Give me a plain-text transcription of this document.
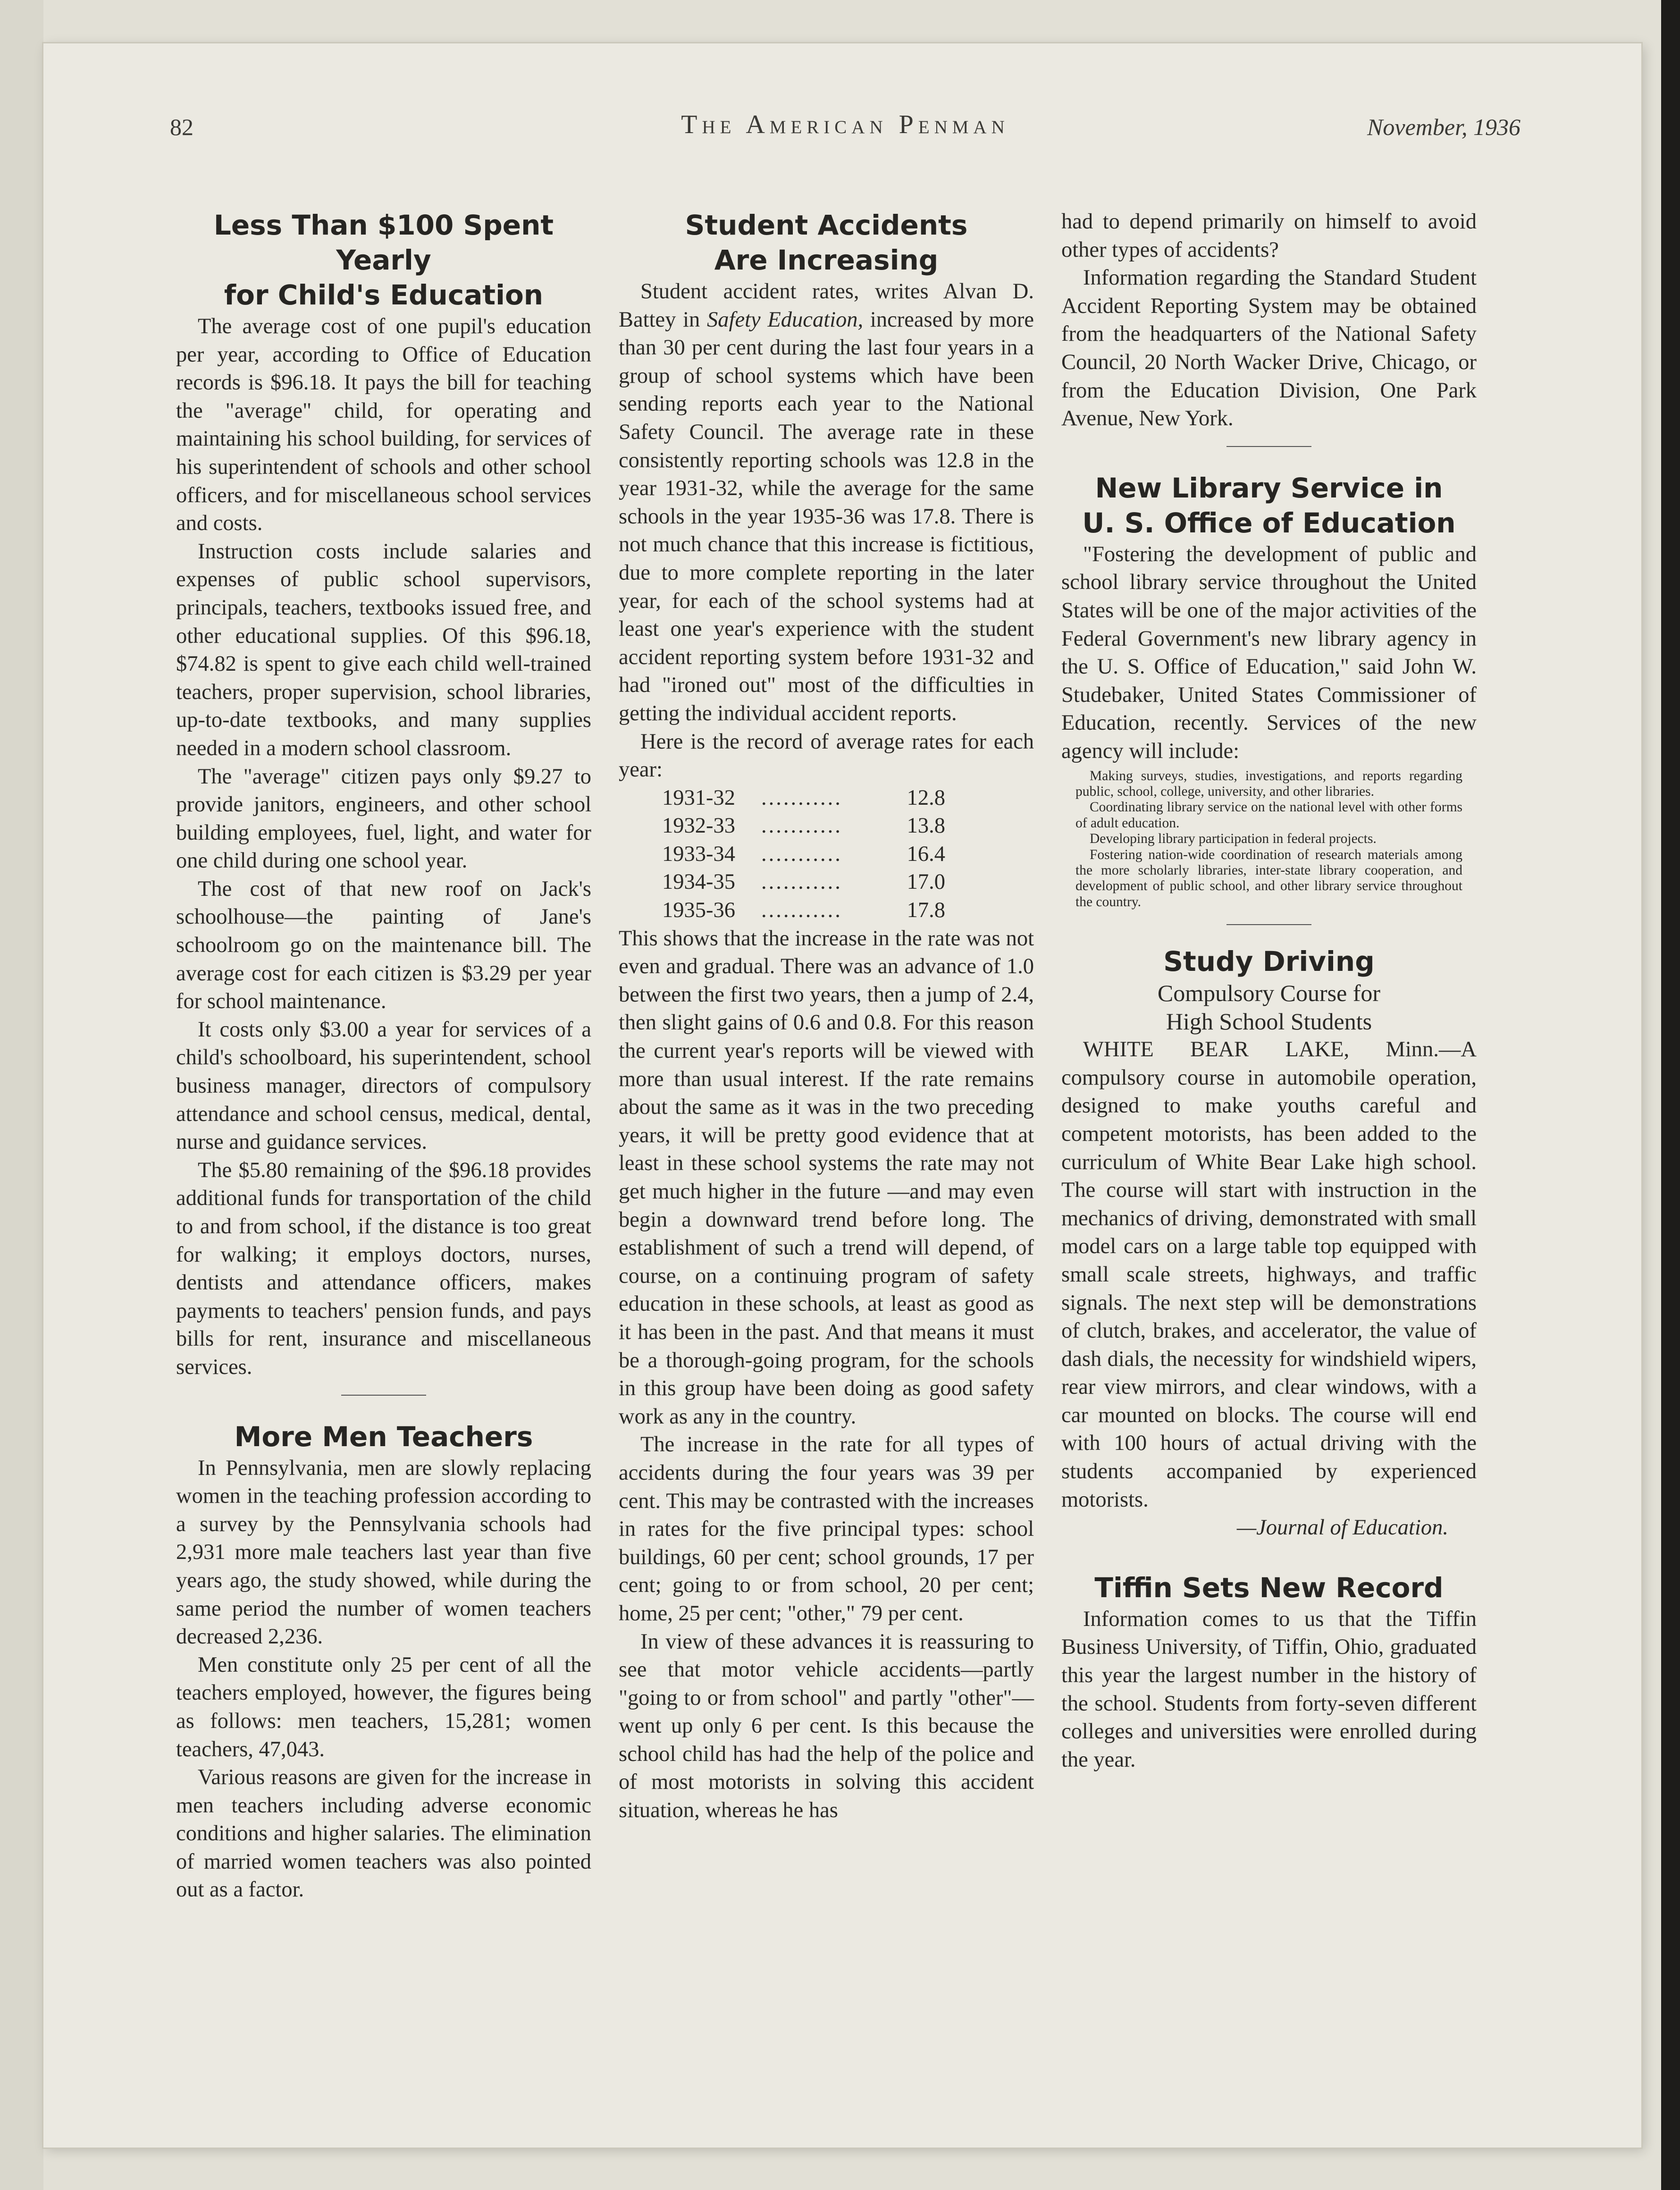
82	The American Penman	November, 1936
Less Than $100 Spent Yearly
for Child's Education

The average cost of one pupil's education per year, according to Office of Education records is $96.18. It pays the bill for teaching the "average" child, for operating and maintaining his school building, for services of his superintendent of schools and other school officers, and for miscellaneous school services and costs.

Instruction costs include salaries and expenses of public school supervisors, principals, teachers, textbooks issued free, and other educational supplies. Of this $96.18, $74.82 is spent to give each child well-trained teachers, proper supervision, school libraries, up-to-date textbooks, and many supplies needed in a modern school classroom.

The "average" citizen pays only $9.27 to provide janitors, engineers, and other school building employees, fuel, light, and water for one child during one school year.

The cost of that new roof on Jack's schoolhouse—the painting of Jane's schoolroom go on the maintenance bill. The average cost for each citizen is $3.29 per year for school maintenance.

It costs only $3.00 a year for services of a child's schoolboard, his superintendent, school business manager, directors of compulsory attendance and school census, medical, dental, nurse and guidance services.

The $5.80 remaining of the $96.18 provides additional funds for transportation of the child to and from school, if the distance is too great for walking; it employs doctors, nurses, dentists and attendance officers, makes payments to teachers' pension funds, and pays bills for rent, insurance and miscellaneous services.

More Men Teachers

In Pennsylvania, men are slowly replacing women in the teaching profession according to a survey by the Pennsylvania schools had 2,931 more male teachers last year than five years ago, the study showed, while during the same period the number of women teachers decreased 2,236.

Men constitute only 25 per cent of all the teachers employed, however, the figures being as follows: men teachers, 15,281; women teachers, 47,043.

Various reasons are given for the increase in men teachers including adverse economic conditions and higher salaries. The elimination of married women teachers was also pointed out as a factor.

Student Accidents
Are Increasing

Student accident rates, writes Alvan D. Battey in Safety Education, increased by more than 30 per cent during the last four years in a group of school systems which have been sending reports each year to the National Safety Council. The average rate in these consistently reporting schools was 12.8 in the year 1931-32, while the average for the same schools in the year 1935-36 was 17.8. There is not much chance that this increase is fictitious, due to more complete reporting in the later year, for each of the school systems had at least one year's experience with the student accident reporting system before 1931-32 and had "ironed out" most of the difficulties in getting the individual accident reports.

Here is the record of average rates for each year:

1931-32	...........	12.8
1932-33	...........	13.8
1933-34	...........	16.4
1934-35	...........	17.0
1935-36	...........	17.8

This shows that the increase in the rate was not even and gradual. There was an advance of 1.0 between the first two years, then a jump of 2.4, then slight gains of 0.6 and 0.8. For this reason the current year's reports will be viewed with more than usual interest. If the rate remains about the same as it was in the two preceding years, it will be pretty good evidence that at least in these school systems the rate may not get much higher in the future —and may even begin a downward trend before long. The establishment of such a trend will depend, of course, on a continuing program of safety education in these schools, at least as good as it has been in the past. And that means it must be a thorough-going program, for the schools in this group have been doing as good safety work as any in the country.

The increase in the rate for all types of accidents during the four years was 39 per cent. This may be contrasted with the increases in rates for the five principal types: school buildings, 60 per cent; school grounds, 17 per cent; going to or from school, 20 per cent; home, 25 per cent; "other," 79 per cent.

In view of these advances it is reassuring to see that motor vehicle accidents—partly "going to or from school" and partly "other"—went up only 6 per cent. Is this because the school child has had the help of the police and of most motorists in solving this accident situation, whereas he has

had to depend primarily on himself to avoid other types of accidents?

Information regarding the Standard Student Accident Reporting System may be obtained from the headquarters of the National Safety Council, 20 North Wacker Drive, Chicago, or from the Education Division, One Park Avenue, New York.

New Library Service in
U. S. Office of Education

"Fostering the development of public and school library service throughout the United States will be one of the major activities of the Federal Government's new library agency in the U. S. Office of Education," said John W. Studebaker, United States Commissioner of Education, recently. Services of the new agency will include:

Making surveys, studies, investigations, and reports regarding public, school, college, university, and other libraries.

Coordinating library service on the national level with other forms of adult education.

Developing library participation in federal projects.

Fostering nation-wide coordination of research materials among the more scholarly libraries, inter-state library cooperation, and development of public school, and other library service throughout the country.

Study Driving
Compulsory Course for
High School Students

WHITE BEAR LAKE, Minn.—A compulsory course in automobile operation, designed to make youths careful and competent motorists, has been added to the curriculum of White Bear Lake high school. The course will start with instruction in the mechanics of driving, demonstrated with small model cars on a large table top equipped with small scale streets, highways, and traffic signals. The next step will be demonstrations of clutch, brakes, and accelerator, the value of dash dials, the necessity for windshield wipers, rear view mirrors, and clear windows, with a car mounted on blocks. The course will end with 100 hours of actual driving with the students accompanied by experienced motorists.

—Journal of Education.

Tiffin Sets New Record

Information comes to us that the Tiffin Business University, of Tiffin, Ohio, graduated this year the largest number in the history of the school. Students from forty-seven different colleges and universities were enrolled during the year.
